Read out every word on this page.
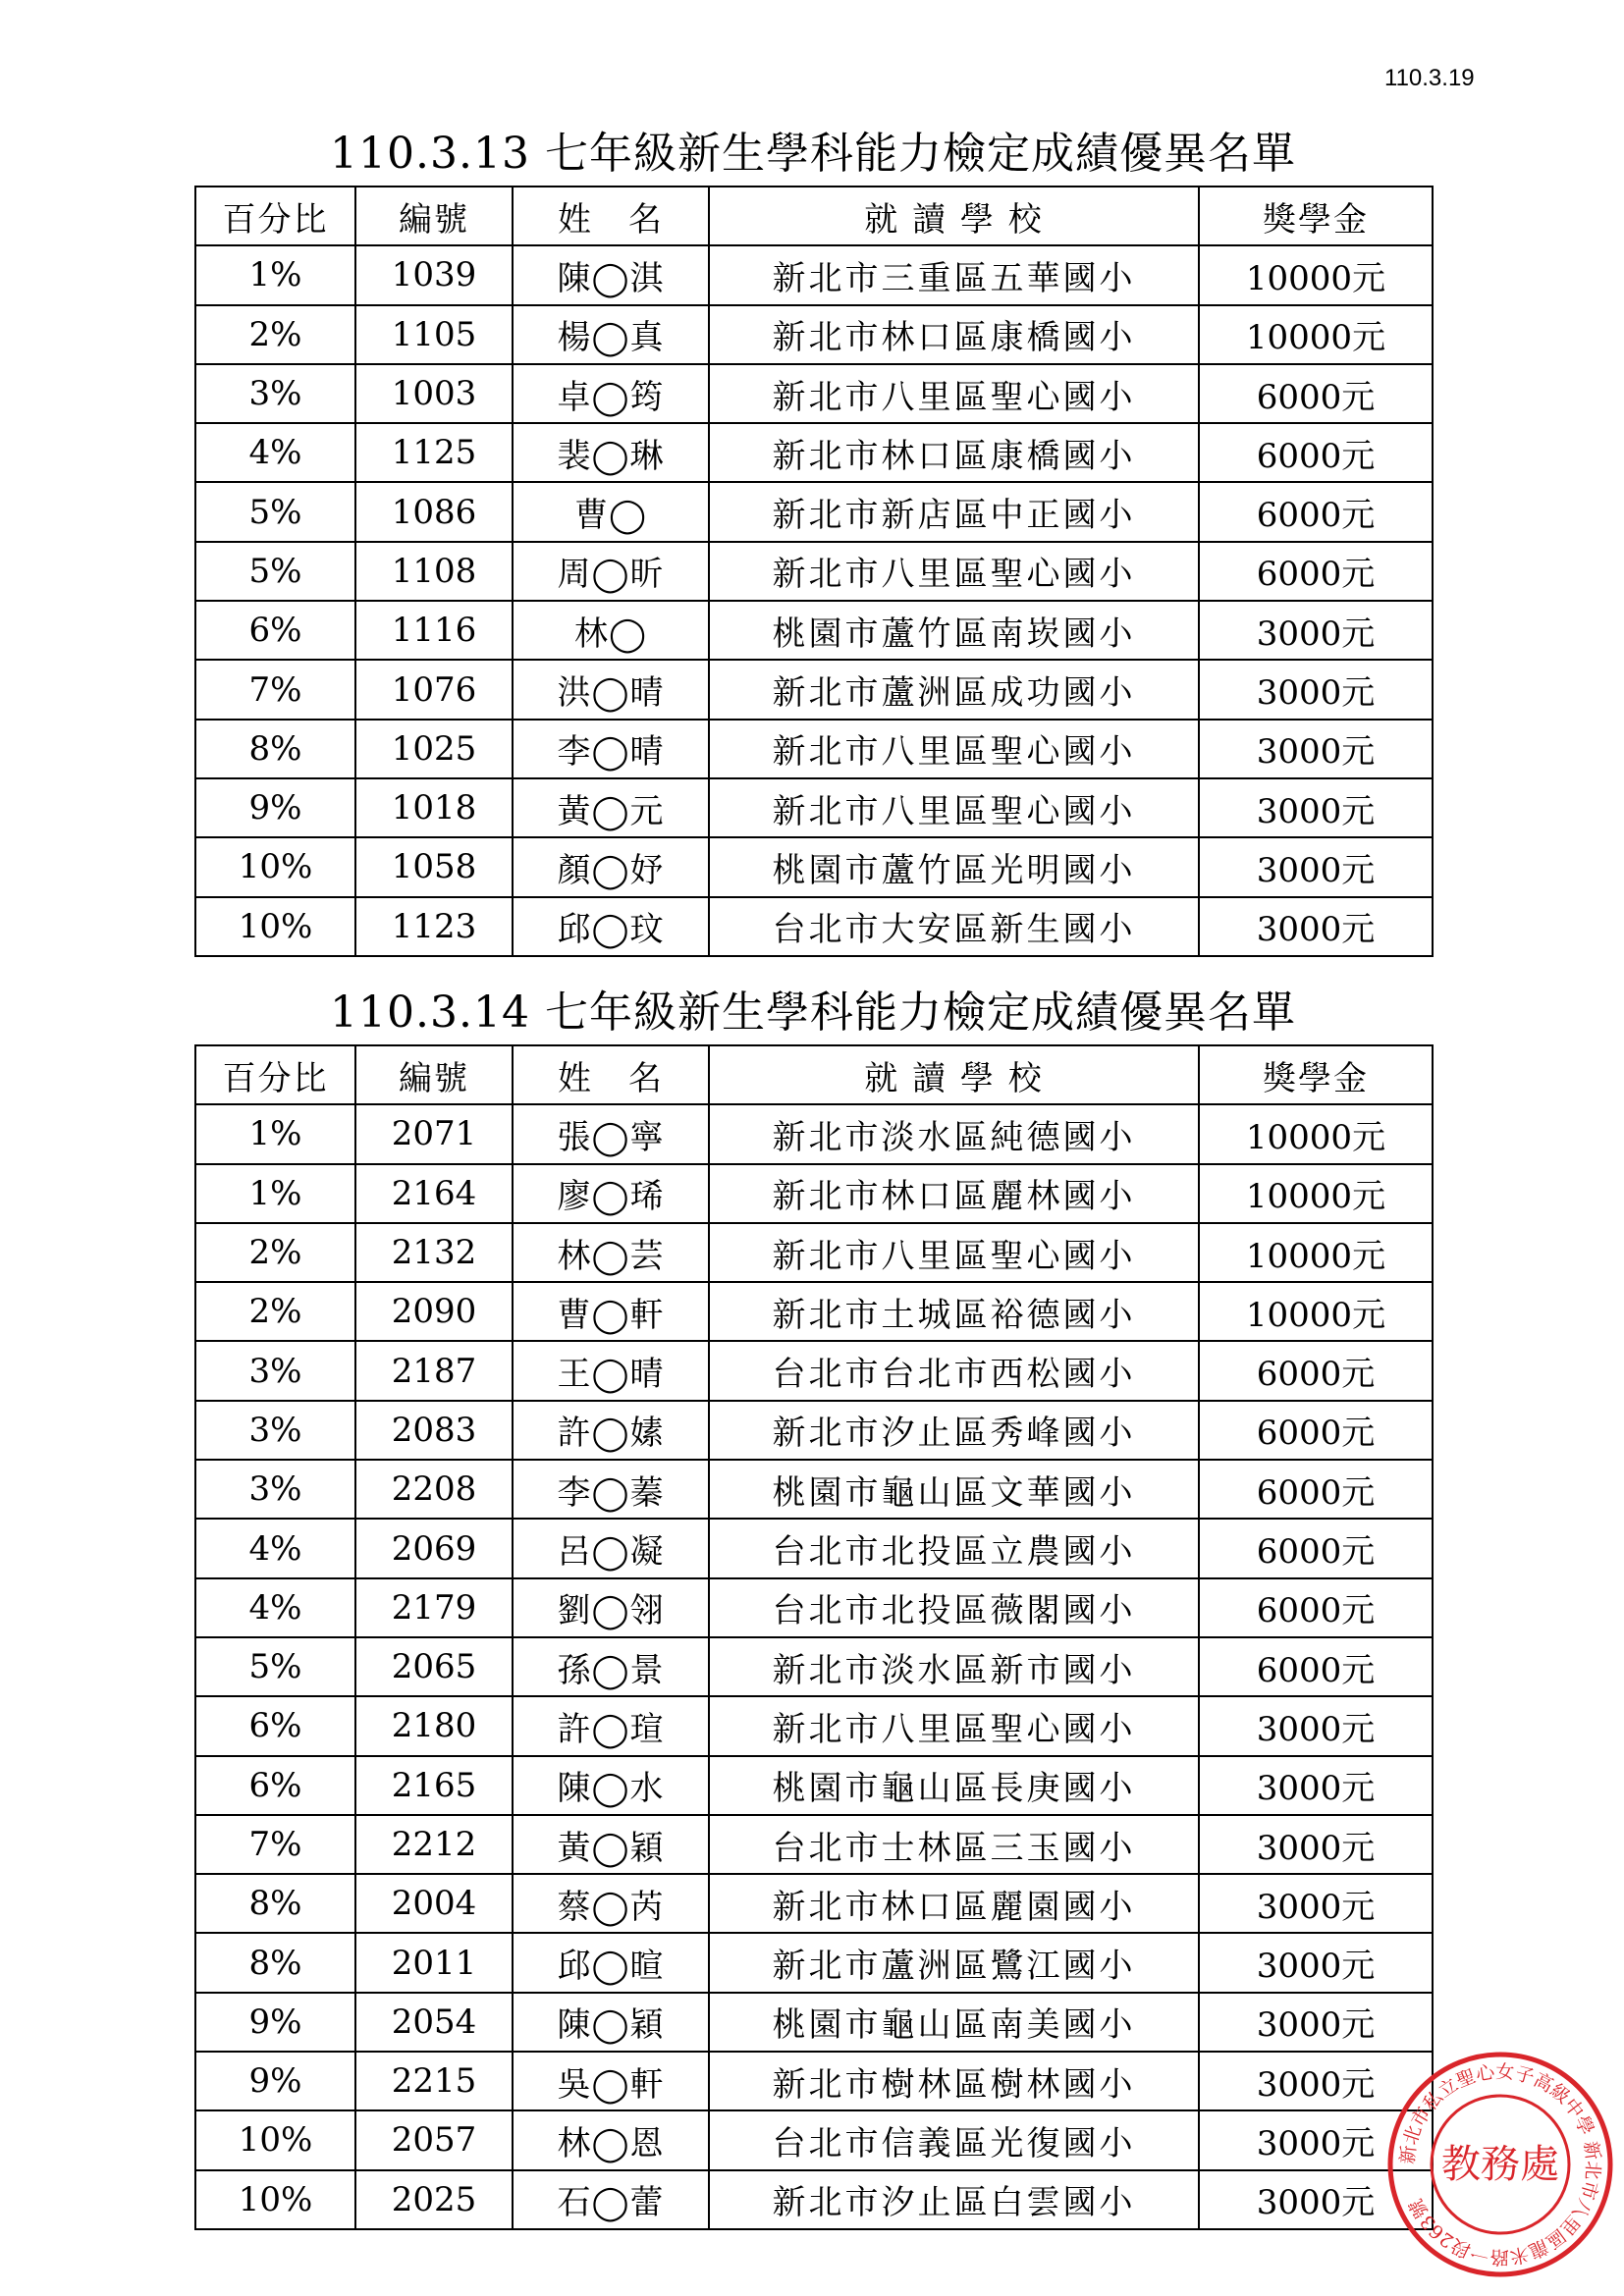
110.3.19
110.3.13 七年級新生學科能力檢定成績優異名單
百分比	編號	姓　名	就 讀 學 校	獎學金
1%	1039	陳◯淇	新北市三重區五華國小	10000元
2%	1105	楊◯真	新北市林口區康橋國小	10000元
3%	1003	卓◯筠	新北市八里區聖心國小	6000元
4%	1125	裴◯琳	新北市林口區康橋國小	6000元
5%	1086	曹◯	新北市新店區中正國小	6000元
5%	1108	周◯昕	新北市八里區聖心國小	6000元
6%	1116	林◯	桃園市蘆竹區南崁國小	3000元
7%	1076	洪◯晴	新北市蘆洲區成功國小	3000元
8%	1025	李◯晴	新北市八里區聖心國小	3000元
9%	1018	黃◯元	新北市八里區聖心國小	3000元
10%	1058	顏◯妤	桃園市蘆竹區光明國小	3000元
10%	1123	邱◯玟	台北市大安區新生國小	3000元
110.3.14 七年級新生學科能力檢定成績優異名單
百分比	編號	姓　名	就 讀 學 校	獎學金
1%	2071	張◯寧	新北市淡水區純德國小	10000元
1%	2164	廖◯琋	新北市林口區麗林國小	10000元
2%	2132	林◯芸	新北市八里區聖心國小	10000元
2%	2090	曹◯軒	新北市土城區裕德國小	10000元
3%	2187	王◯晴	台北市台北市西松國小	6000元
3%	2083	許◯嫊	新北市汐止區秀峰國小	6000元
3%	2208	李◯蓁	桃園市龜山區文華國小	6000元
4%	2069	呂◯凝	台北市北投區立農國小	6000元
4%	2179	劉◯翎	台北市北投區薇閣國小	6000元
5%	2065	孫◯景	新北市淡水區新市國小	6000元
6%	2180	許◯瑄	新北市八里區聖心國小	3000元
6%	2165	陳◯水	桃園市龜山區長庚國小	3000元
7%	2212	黃◯穎	台北市士林區三玉國小	3000元
8%	2004	蔡◯芮	新北市林口區麗園國小	3000元
8%	2011	邱◯暄	新北市蘆洲區鷺江國小	3000元
9%	2054	陳◯穎	桃園市龜山區南美國小	3000元
9%	2215	吳◯軒	新北市樹林區樹林國小	3000元
10%	2057	林◯恩	台北市信義區光復國小	3000元
10%	2025	石◯蕾	新北市汐止區白雲國小	3000元
新北市私立聖心女子高級中學 新北市八里區龍米路一段263號
教務處
